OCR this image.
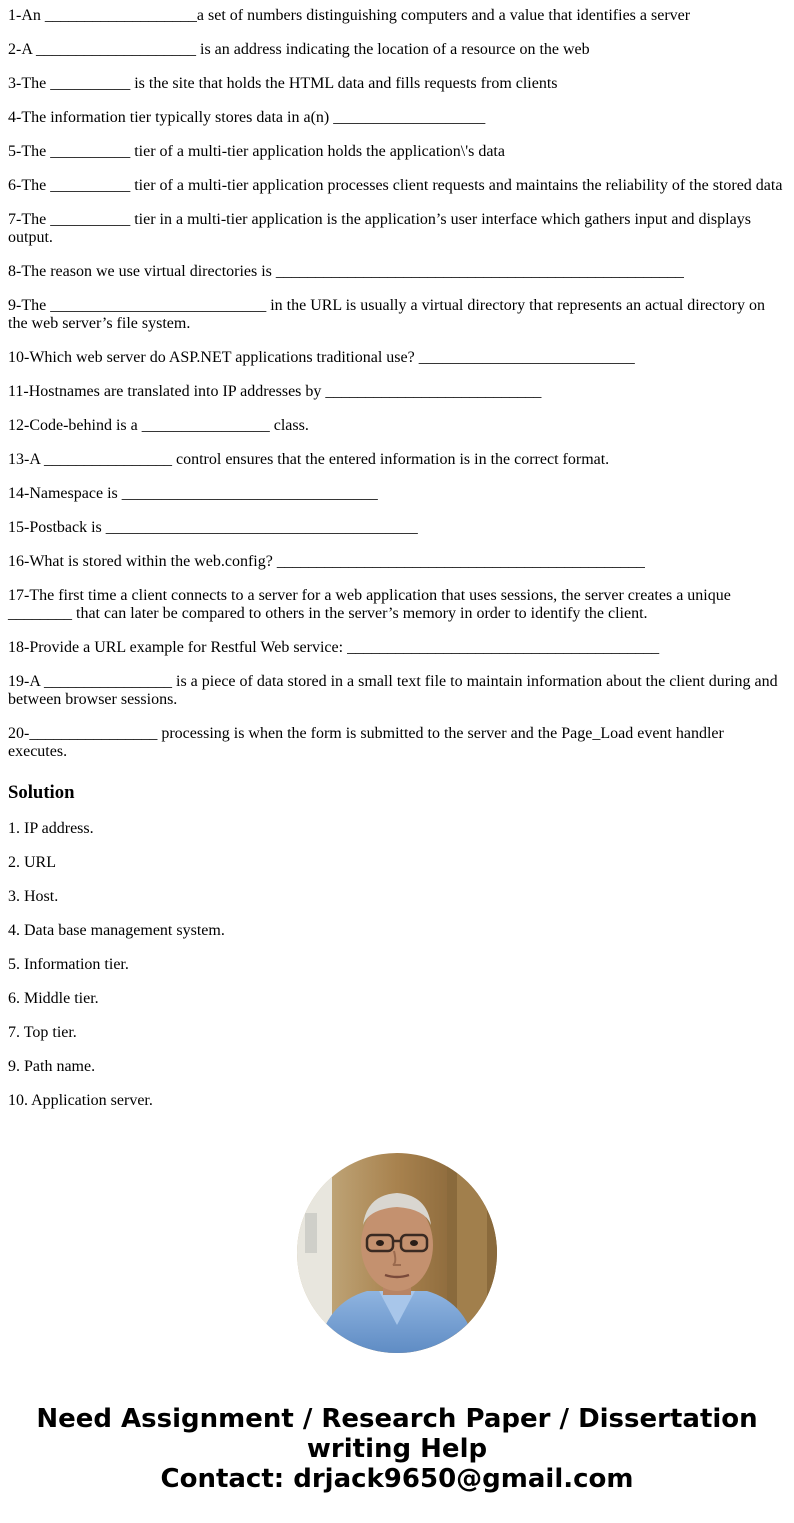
1-An ___________________a set of numbers distinguishing computers and a value that identifies a server

2-A ____________________ is an address indicating the location of a resource on the web

3-The __________ is the site that holds the HTML data and fills requests from clients

4-The information tier typically stores data in a(n) ___________________

5-The __________ tier of a multi-tier application holds the application\'s data

6-The __________ tier of a multi-tier application processes client requests and maintains the reliability of the stored data

7-The __________ tier in a multi-tier application is the application’s user interface which gathers input and displays output.

8-The reason we use virtual directories is ___________________________________________________

9-The ___________________________ in the URL is usually a virtual directory that represents an actual directory on the web server’s file system.

10-Which web server do ASP.NET applications traditional use? ___________________________

11-Hostnames are translated into IP addresses by ___________________________

12-Code-behind is a ________________ class.

13-A ________________ control ensures that the entered information is in the correct format.

14-Namespace is ________________________________

15-Postback is _______________________________________

16-What is stored within the web.config? ______________________________________________

17-The first time a client connects to a server for a web application that uses sessions, the server creates a unique ________ that can later be compared to others in the server’s memory in order to identify the client.

18-Provide a URL example for Restful Web service: _______________________________________

19-A ________________ is a piece of data stored in a small text file to maintain information about the client during and between browser sessions.

20-________________ processing is when the form is submitted to the server and the Page_Load event handler executes.

Solution

1. IP address.

2. URL

3. Host.

4. Data base management system.

5. Information tier.

6. Middle tier.

7. Top tier.

9. Path name.

10. Application server.

Need Assignment / Research Paper / Dissertation
writing Help
Contact: drjack9650@gmail.com
